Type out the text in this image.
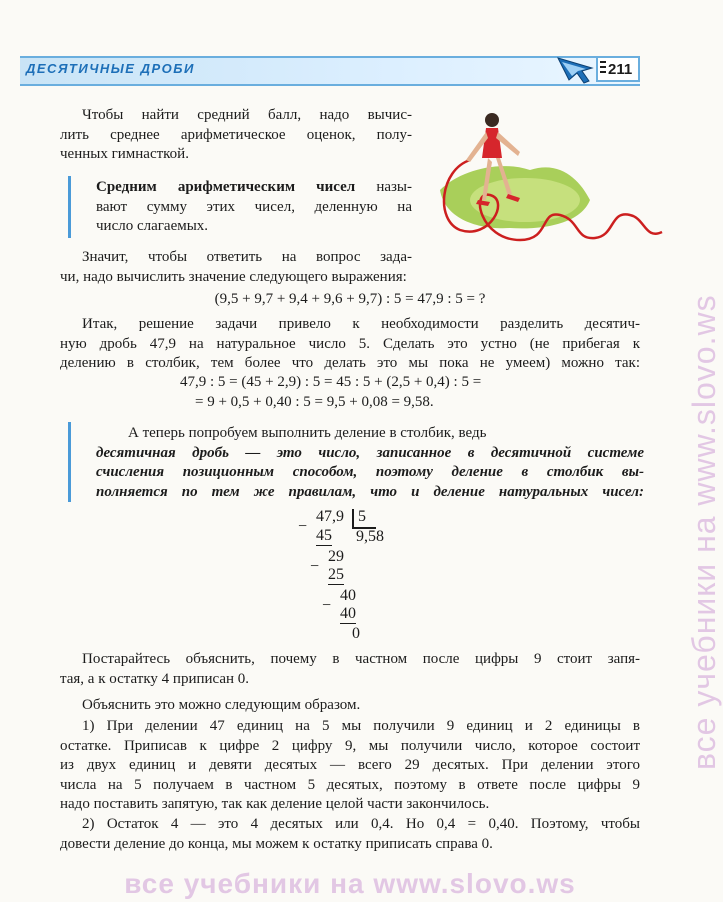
ДЕСЯТИЧНЫЕ ДРОБИ	211
Чтобы найти средний балл, надо вычис-
лить среднее арифметическое оценок, полу-
ченных гимнасткой.
Средним арифметическим чисел назы-
вают сумму этих чисел, деленную на
число слагаемых.
Значит, чтобы ответить на вопрос зада-
чи, надо вычислить значение следующего выражения:
(9,5 + 9,7 + 9,4 + 9,6 + 9,7) : 5 = 47,9 : 5 = ?
Итак, решение задачи привело к необходимости разделить десятич-
ную дробь 47,9 на натуральное число 5. Сделать это устно (не прибегая к
делению в столбик, тем более что делать это мы пока не умеем) можно так:
47,9 : 5 = (45 + 2,9) : 5 = 45 : 5 + (2,5 + 0,4) : 5 =
= 9 + 0,5 + 0,40 : 5 = 9,5 + 0,08 = 9,58.
А теперь попробуем выполнить деление в столбик, ведь
десятичная дробь — это число, записанное в десятичной системе
счисления позиционным способом, поэтому деление в столбик вы-
полняется по тем же правилам, что и деление натуральных чисел:
−
47,9 5
45 9,58
29
− 25
40
− 40
0
Постарайтесь объяснить, почему в частном после цифры 9 стоит запя-
тая, а к остатку 4 приписан 0.
Объяснить это можно следующим образом.
1) При делении 47 единиц на 5 мы получили 9 единиц и 2 единицы в
остатке. Приписав к цифре 2 цифру 9, мы получили число, которое состоит
из двух единиц и девяти десятых — всего 29 десятых. При делении этого
числа на 5 получаем в частном 5 десятых, поэтому в ответе после цифры 9
надо поставить запятую, так как деление целой части закончилось.
2) Остаток 4 — это 4 десятых или 0,4. Но 0,4 = 0,40. Поэтому, чтобы
довести деление до конца, мы можем к остатку приписать справа 0.
все учебники на www.slovo.ws
все учебники на www.slovo.ws
